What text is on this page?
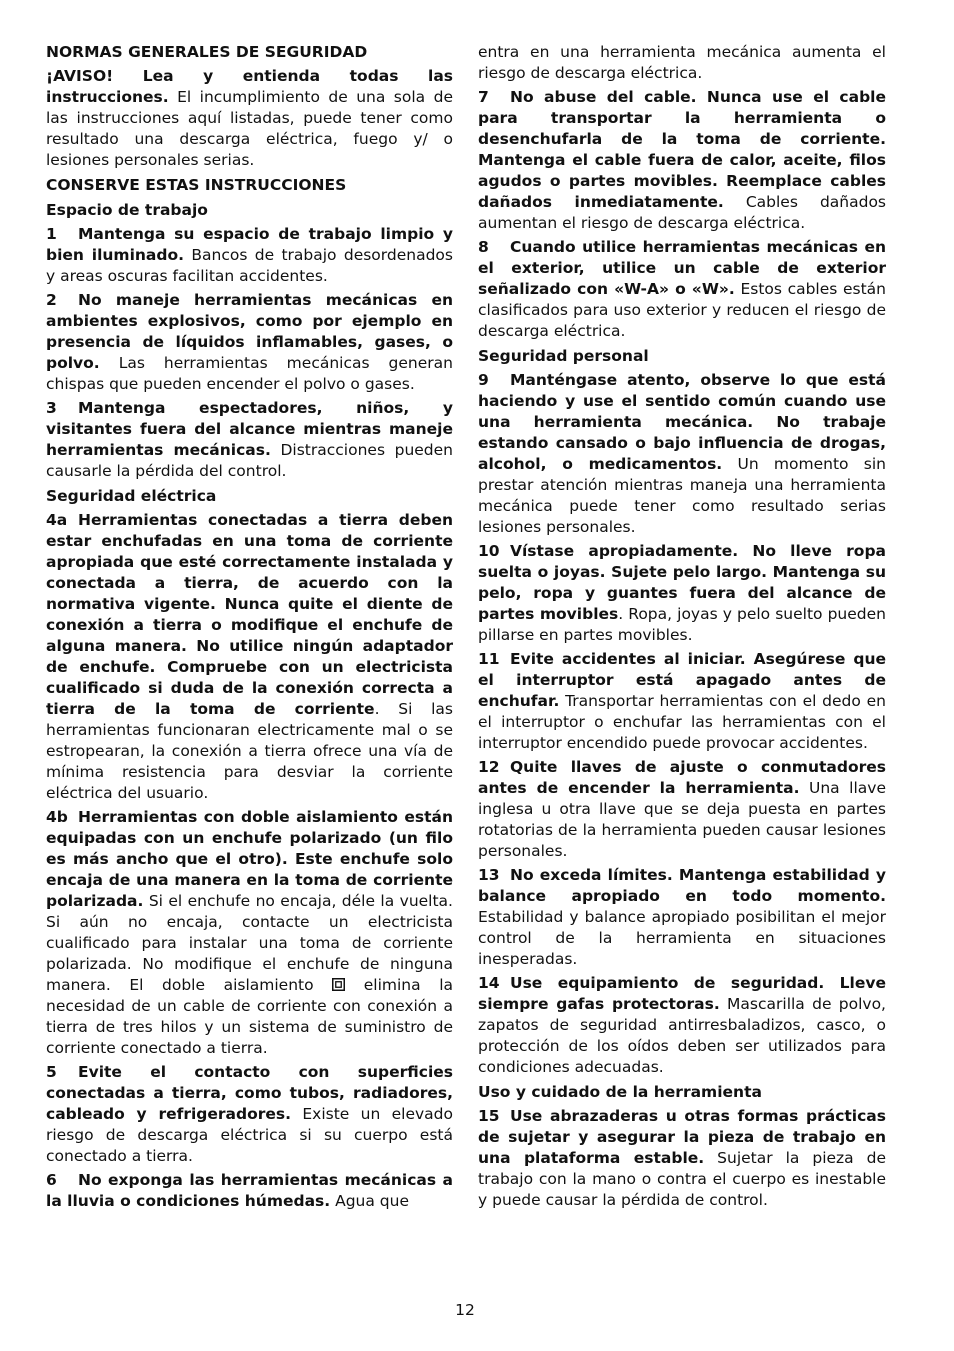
NORMAS GENERALES DE SEGURIDAD

¡AVISO! Lea y entienda todas las instrucciones. El incumplimiento de una sola de las instrucciones aquí listadas, puede tener como resultado una descarga eléctrica, fuego y/ o lesiones personales serias.

CONSERVE ESTAS INSTRUCCIONES
Espacio de trabajo

1 Mantenga su espacio de trabajo limpio y bien iluminado. Bancos de trabajo desordenados y areas oscuras facilitan accidentes.

2 No maneje herramientas mecánicas en ambientes explosivos, como por ejemplo en presencia de líquidos inflamables, gases, o polvo. Las herramientas mecánicas generan chispas que pueden encender el polvo o gases.

3 Mantenga espectadores, niños, y visitantes fuera del alcance mientras maneje herramientas mecánicas. Distracciones pueden causarle la pérdida del control.

Seguridad eléctrica

4a Herramientas conectadas a tierra deben estar enchufadas en una toma de corriente apropiada que esté correctamente instalada y conectada a tierra, de acuerdo con la normativa vigente. Nunca quite el diente de conexión a tierra o modifique el enchufe de alguna manera. No utilice ningún adaptador de enchufe. Compruebe con un electricista cualificado si duda de la conexión correcta a tierra de la toma de corriente. Si las herramientas funcionaran electricamente mal o se estropearan, la conexión a tierra ofrece una vía de mínima resistencia para desviar la corriente eléctrica del usuario.

4b Herramientas con doble aislamiento están equipadas con un enchufe polarizado (un filo es más ancho que el otro). Este enchufe solo encaja de una manera en la toma de corriente polarizada. Si el enchufe no encaja, déle la vuelta. Si aún no encaja, contacte un electricista cualificado para instalar una toma de corriente polarizada. No modifique el enchufe de ninguna manera. El doble aislamiento	elimina la necesidad de un cable de corriente con conexión a tierra de tres hilos y un sistema de suministro de corriente conectado a tierra.

5 Evite el contacto con superficies conectadas a tierra, como tubos, radiadores, cableado y refrigeradores. Existe un elevado riesgo de descarga eléctrica si su cuerpo está conectado a tierra.

6 No exponga las herramientas mecánicas a la lluvia o condiciones húmedas. Agua que

entra en una herramienta mecánica aumenta el riesgo de descarga eléctrica.

7 No abuse del cable. Nunca use el cable para transportar la herramienta o desenchufarla de la toma de corriente. Mantenga el cable fuera de calor, aceite, filos agudos o partes movibles. Reemplace cables dañados inmediatamente. Cables dañados aumentan el riesgo de descarga eléctrica.

8 Cuando utilice herramientas mecánicas en el exterior, utilice un cable de exterior señalizado con «W-A» o «W». Estos cables están clasificados para uso exterior y reducen el riesgo de descarga eléctrica.

Seguridad personal

9 Manténgase atento, observe lo que está haciendo y use el sentido común cuando use una herramienta mecánica. No trabaje estando cansado o bajo influencia de drogas, alcohol, o medicamentos. Un momento sin prestar atención mientras maneja una herramienta mecánica puede tener como resultado serias lesiones personales.

10 Vístase apropiadamente. No lleve ropa suelta o joyas. Sujete pelo largo. Mantenga su pelo, ropa y guantes fuera del alcance de partes movibles. Ropa, joyas y pelo suelto pueden pillarse en partes movibles.

11 Evite accidentes al iniciar. Asegúrese que el interruptor está apagado antes de enchufar. Transportar herramientas con el dedo en el interruptor o enchufar las herramientas con el interruptor encendido puede provocar accidentes.

12 Quite llaves de ajuste o conmutadores antes de encender la herramienta. Una llave inglesa u otra llave que se deja puesta en partes rotatorias de la herramienta pueden causar lesiones personales.

13 No exceda límites. Mantenga estabilidad y balance apropiado en todo momento. Estabilidad y balance apropiado posibilitan el mejor control de la herramienta en situaciones inesperadas.

14 Use equipamiento de seguridad. Lleve siempre gafas protectoras. Mascarilla de polvo, zapatos de seguridad antirresbaladizos, casco, o protección de los oídos deben ser utilizados para condiciones adecuadas.

Uso y cuidado de la herramienta

15 Use abrazaderas u otras formas prácticas de sujetar y asegurar la pieza de trabajo en una plataforma estable. Sujetar la pieza de trabajo con la mano o contra el cuerpo es inestable y puede causar la pérdida de control.

12
